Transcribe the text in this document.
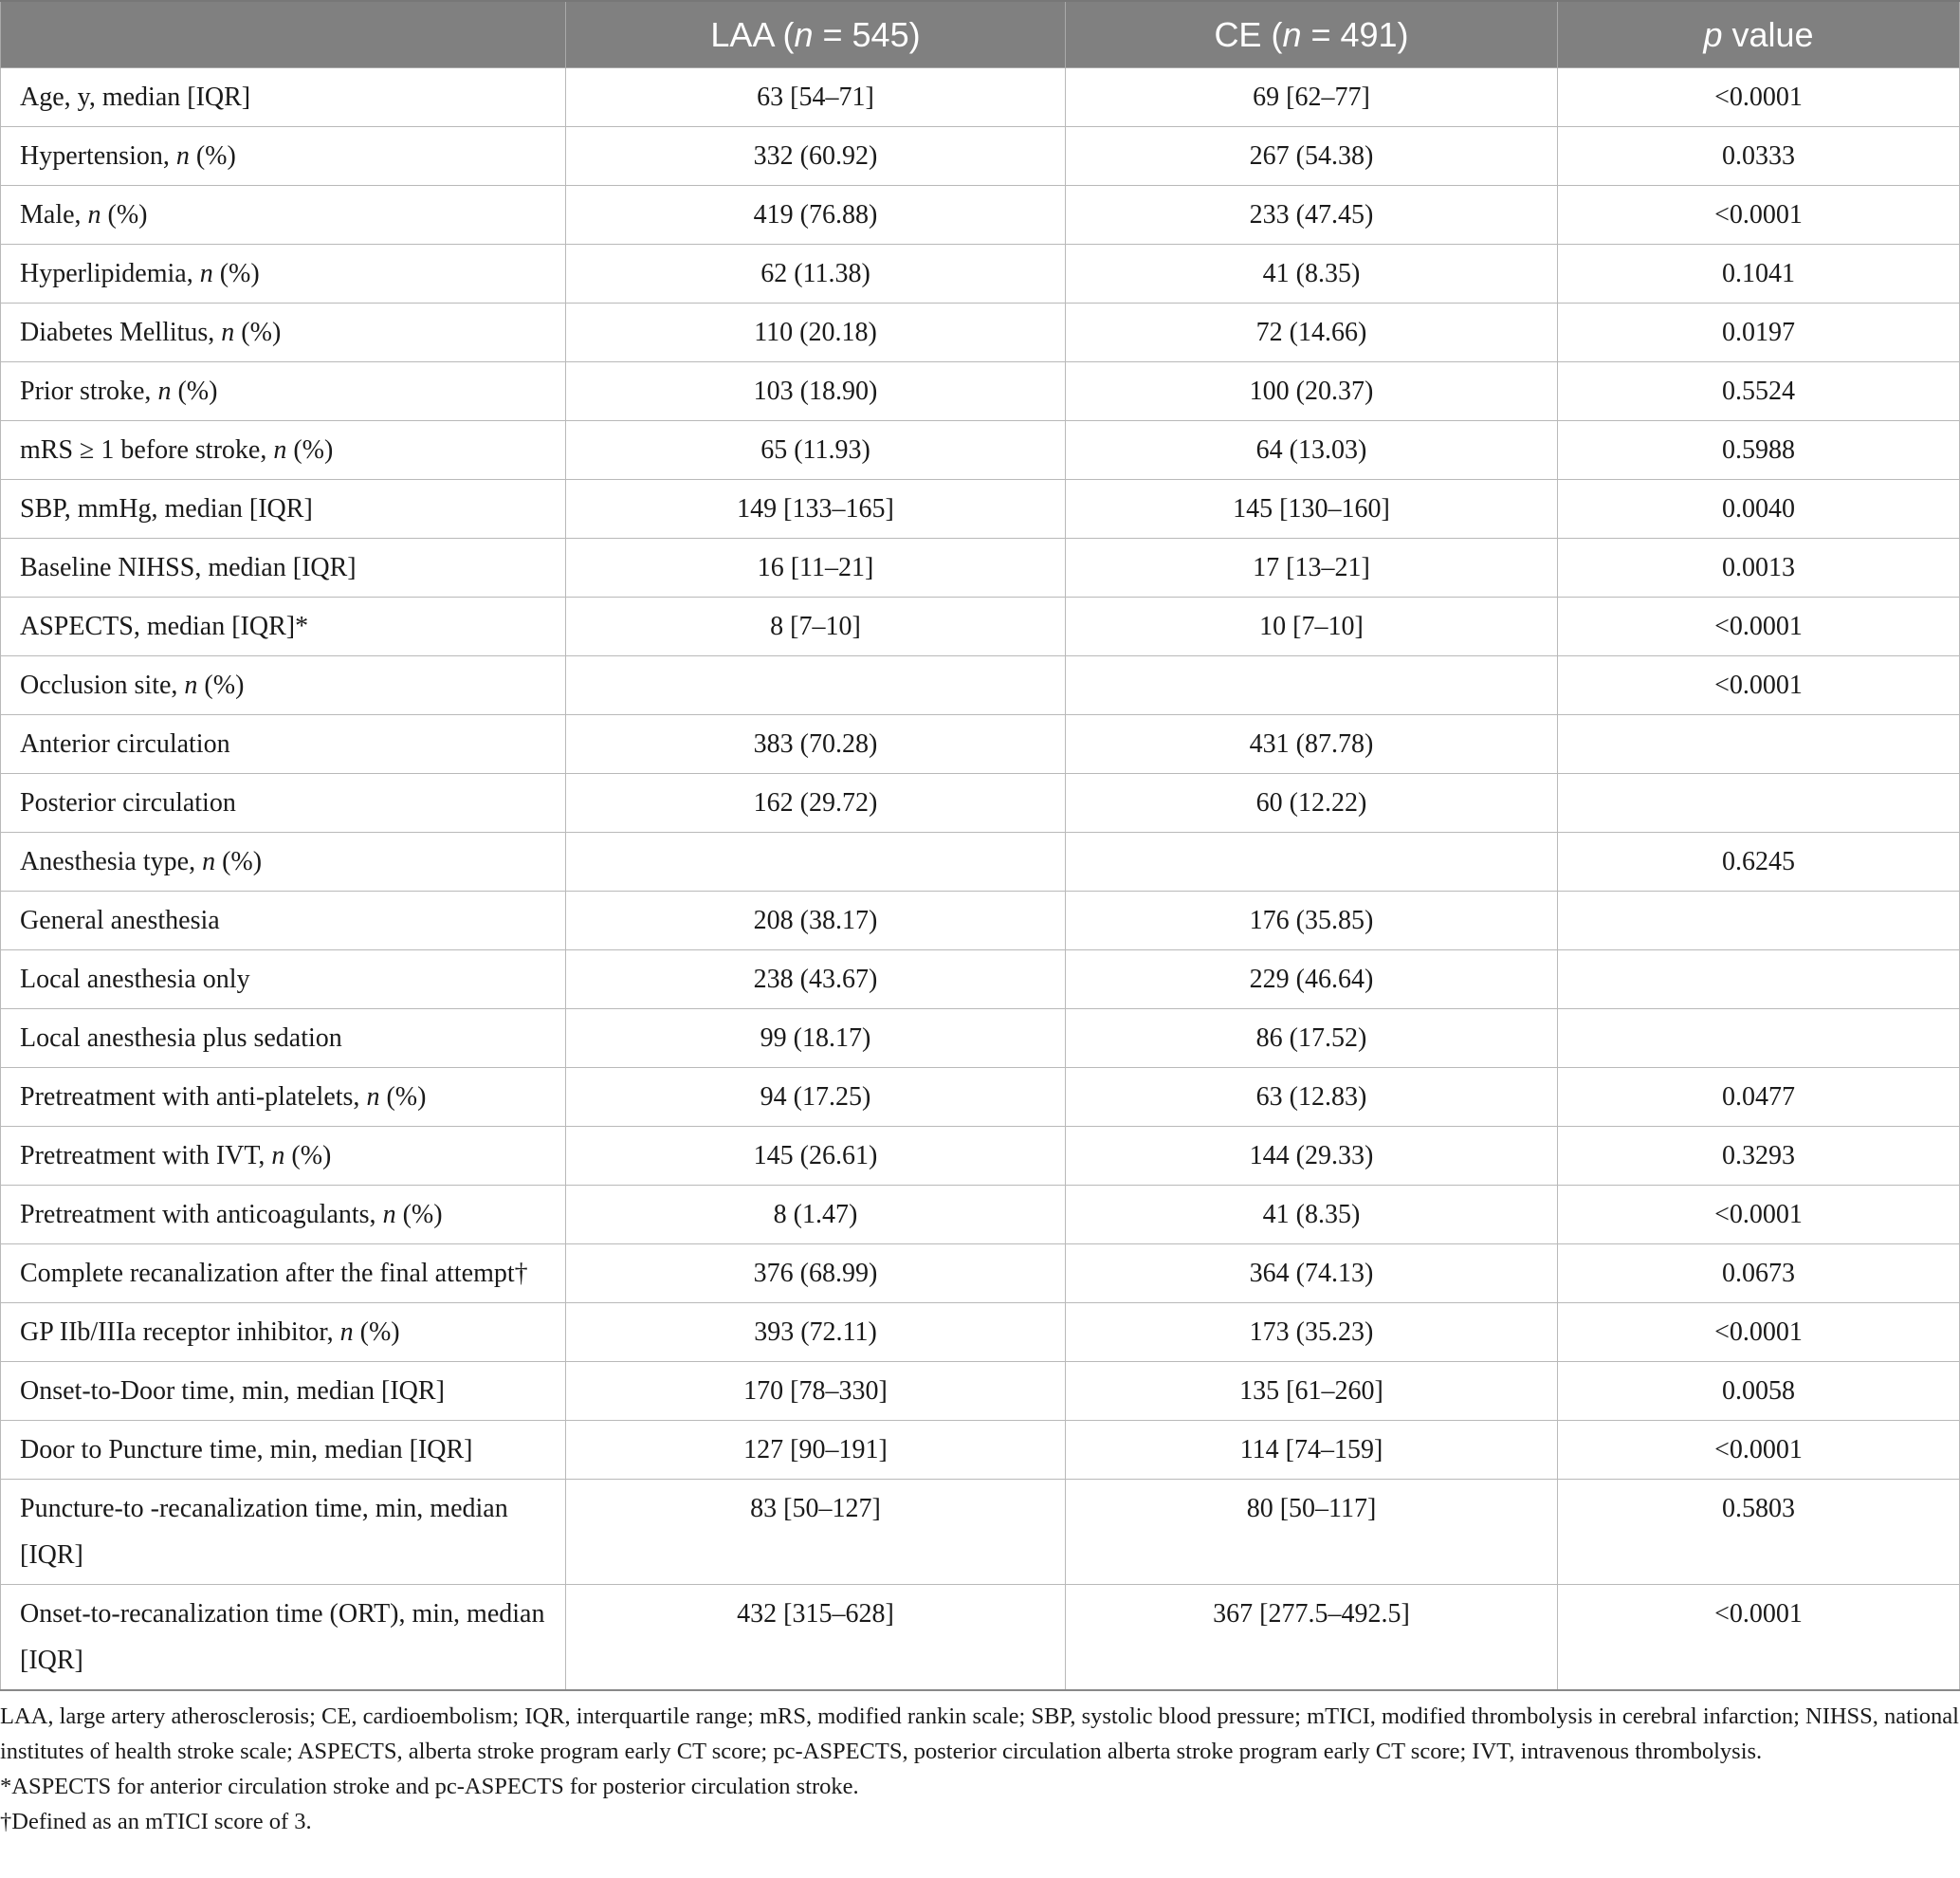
	LAA (n = 545)	CE (n = 491)	p value
Age, y, median [IQR]	63 [54–71]	69 [62–77]	<0.0001
Hypertension, n (%)	332 (60.92)	267 (54.38)	0.0333
Male, n (%)	419 (76.88)	233 (47.45)	<0.0001
Hyperlipidemia, n (%)	62 (11.38)	41 (8.35)	0.1041
Diabetes Mellitus, n (%)	110 (20.18)	72 (14.66)	0.0197
Prior stroke, n (%)	103 (18.90)	100 (20.37)	0.5524
mRS ≥ 1 before stroke, n (%)	65 (11.93)	64 (13.03)	0.5988
SBP, mmHg, median [IQR]	149 [133–165]	145 [130–160]	0.0040
Baseline NIHSS, median [IQR]	16 [11–21]	17 [13–21]	0.0013
ASPECTS, median [IQR]*	8 [7–10]	10 [7–10]	<0.0001
Occlusion site, n (%)			<0.0001
Anterior circulation	383 (70.28)	431 (87.78)	
Posterior circulation	162 (29.72)	60 (12.22)	
Anesthesia type, n (%)			0.6245
General anesthesia	208 (38.17)	176 (35.85)	
Local anesthesia only	238 (43.67)	229 (46.64)	
Local anesthesia plus sedation	99 (18.17)	86 (17.52)	
Pretreatment with anti-platelets, n (%)	94 (17.25)	63 (12.83)	0.0477
Pretreatment with IVT, n (%)	145 (26.61)	144 (29.33)	0.3293
Pretreatment with anticoagulants, n (%)	8 (1.47)	41 (8.35)	<0.0001
Complete recanalization after the final attempt†	376 (68.99)	364 (74.13)	0.0673
GP IIb/IIIa receptor inhibitor, n (%)	393 (72.11)	173 (35.23)	<0.0001
Onset-to-Door time, min, median [IQR]	170 [78–330]	135 [61–260]	0.0058
Door to Puncture time, min, median [IQR]	127 [90–191]	114 [74–159]	<0.0001
Puncture-to -recanalization time, min, median [IQR]	83 [50–127]	80 [50–117]	0.5803
Onset-to-recanalization time (ORT), min, median [IQR]	432 [315–628]	367 [277.5–492.5]	<0.0001

LAA, large artery atherosclerosis; CE, cardioembolism; IQR, interquartile range; mRS, modified rankin scale; SBP, systolic blood pressure; mTICI, modified thrombolysis in cerebral infarction; NIHSS, national institutes of health stroke scale; ASPECTS, alberta stroke program early CT score; pc-ASPECTS, posterior circulation alberta stroke program early CT score; IVT, intravenous thrombolysis.

*ASPECTS for anterior circulation stroke and pc-ASPECTS for posterior circulation stroke.

†Defined as an mTICI score of 3.
